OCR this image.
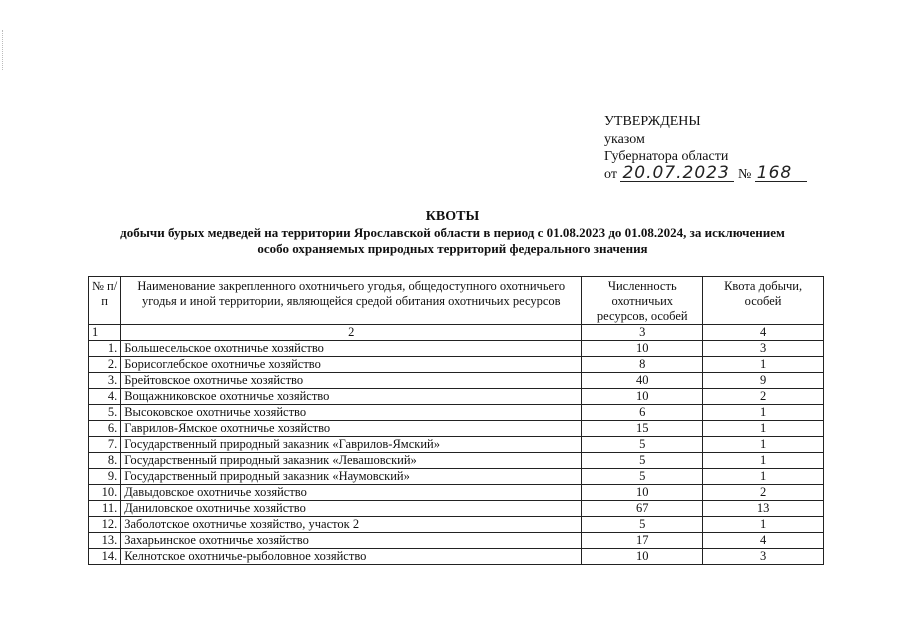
УТВЕРЖДЕНЫ
указом
Губернатора области
от 20.07.2023 № 168
КВОТЫ
добычи бурых медведей на территории Ярославской области в период с 01.08.2023 до 01.08.2024, за исключением
особо охраняемых природных территорий федерального значения
№ п/п	Наименование закрепленного охотничьего угодья, общедоступного охотничьего угодья и иной территории, являющейся средой обитания охотничьих ресурсов	Численность охотничьих ресурсов, особей	Квота добычи, особей
1	2	3	4
1.	Большесельское охотничье хозяйство	10	3
2.	Борисоглебское охотничье хозяйство	8	1
3.	Брейтовское охотничье хозяйство	40	9
4.	Вощажниковское охотничье хозяйство	10	2
5.	Высоковское охотничье хозяйство	6	1
6.	Гаврилов-Ямское охотничье хозяйство	15	1
7.	Государственный природный заказник «Гаврилов-Ямский»	5	1
8.	Государственный природный заказник «Левашовский»	5	1
9.	Государственный природный заказник «Наумовский»	5	1
10.	Давыдовское охотничье хозяйство	10	2
11.	Даниловское охотничье хозяйство	67	13
12.	Заболотское охотничье хозяйство, участок 2	5	1
13.	Захарьинское охотничье хозяйство	17	4
14.	Келнотское охотничье-рыболовное хозяйство	10	3
